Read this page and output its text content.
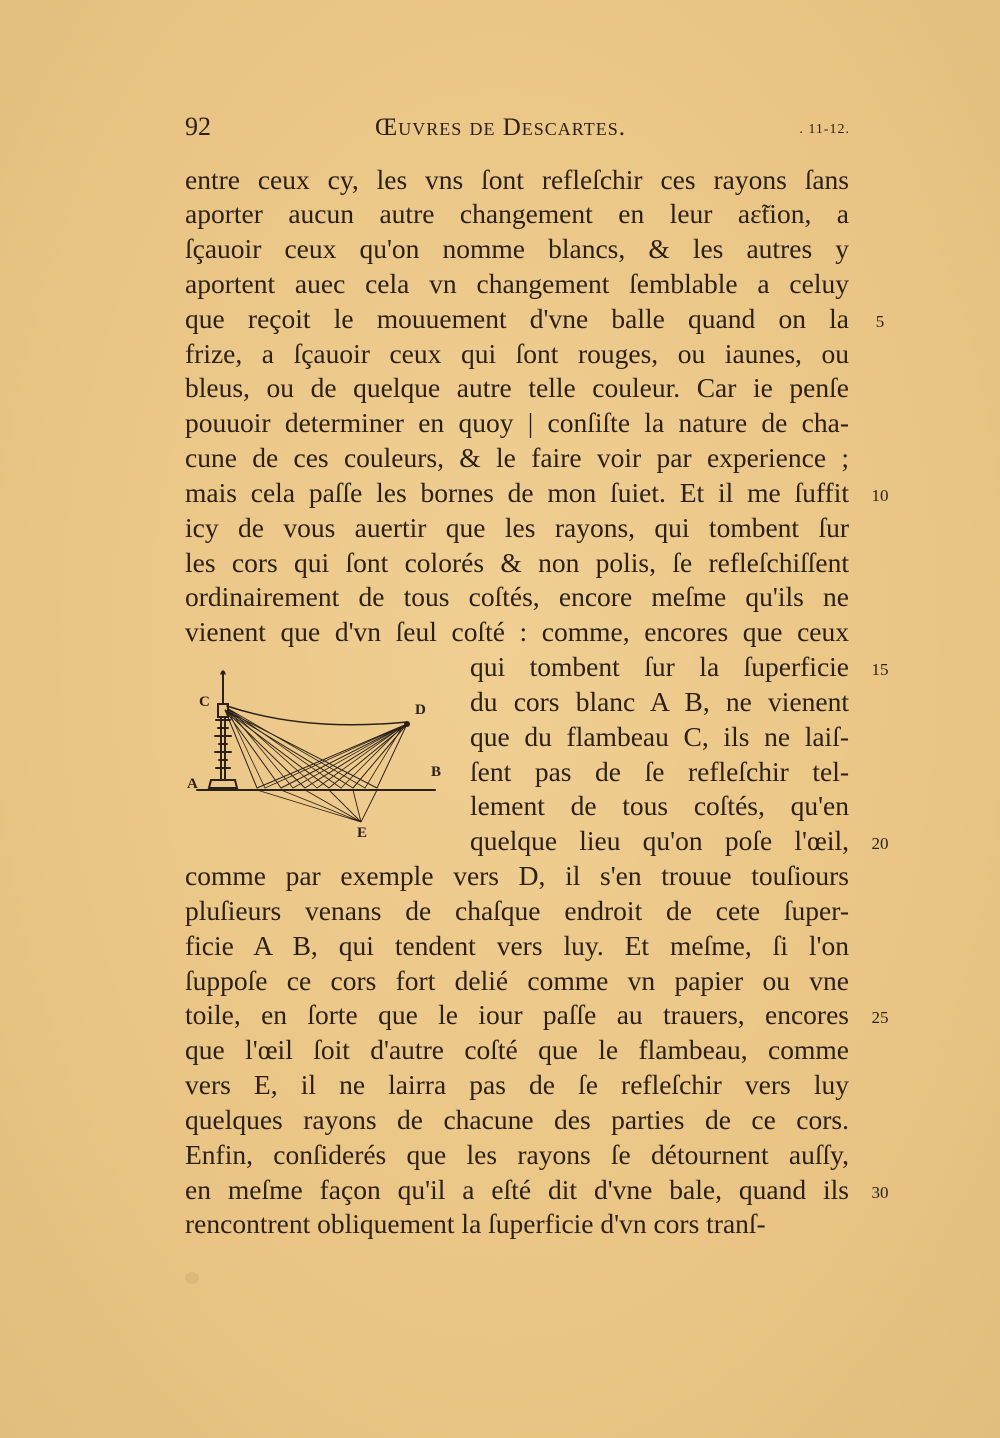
92	Œuvres de Descartes.	. 11-12.
entre ceux cy, les vns ſont refleſchir ces rayons ſans
aporter aucun autre changement en leur aɛ̃tion, a
ſçauoir ceux qu'on nomme blancs, & les autres y
aportent auec cela vn changement ſemblable a celuy
que reçoit le mouuement d'vne balle quand on la
frize, a ſçauoir ceux qui ſont rouges, ou iaunes, ou
bleus, ou de quelque autre telle couleur. Car ie penſe
pouuoir determiner en quoy | conſiſte la nature de cha-
cune de ces couleurs, & le faire voir par experience ;
mais cela paſſe les bornes de mon ſuiet. Et il me ſuffit
icy de vous auertir que les rayons, qui tombent ſur
les cors qui ſont colorés & non polis, ſe refleſchiſſent
ordinairement de tous coſtés, encore meſme qu'ils ne
vienent que d'vn ſeul coſté : comme, encores que ceux
qui tombent ſur la ſuperficie
du cors blanc A B, ne vienent
que du flambeau C, ils ne laiſ-
ſent pas de ſe refleſchir tel-
lement de tous coſtés, qu'en
quelque lieu qu'on poſe l'œil,
comme par exemple vers D, il s'en trouue touſiours
pluſieurs venans de chaſque endroit de cete ſuper-
ficie A B, qui tendent vers luy. Et meſme, ſi l'on
ſuppoſe ce cors fort delié comme vn papier ou vne
toile, en ſorte que le iour paſſe au trauers, encores
que l'œil ſoit d'autre coſté que le flambeau, comme
vers E, il ne lairra pas de ſe refleſchir vers luy
quelques rayons de chacune des parties de ce cors.
Enfin, conſiderés que les rayons ſe détournent auſſy,
en meſme façon qu'il a eſté dit d'vne bale, quand ils
rencontrent obliquement la ſuperficie d'vn cors tranſ-
5
10
15
20
25
30
C	D
A
B
E
